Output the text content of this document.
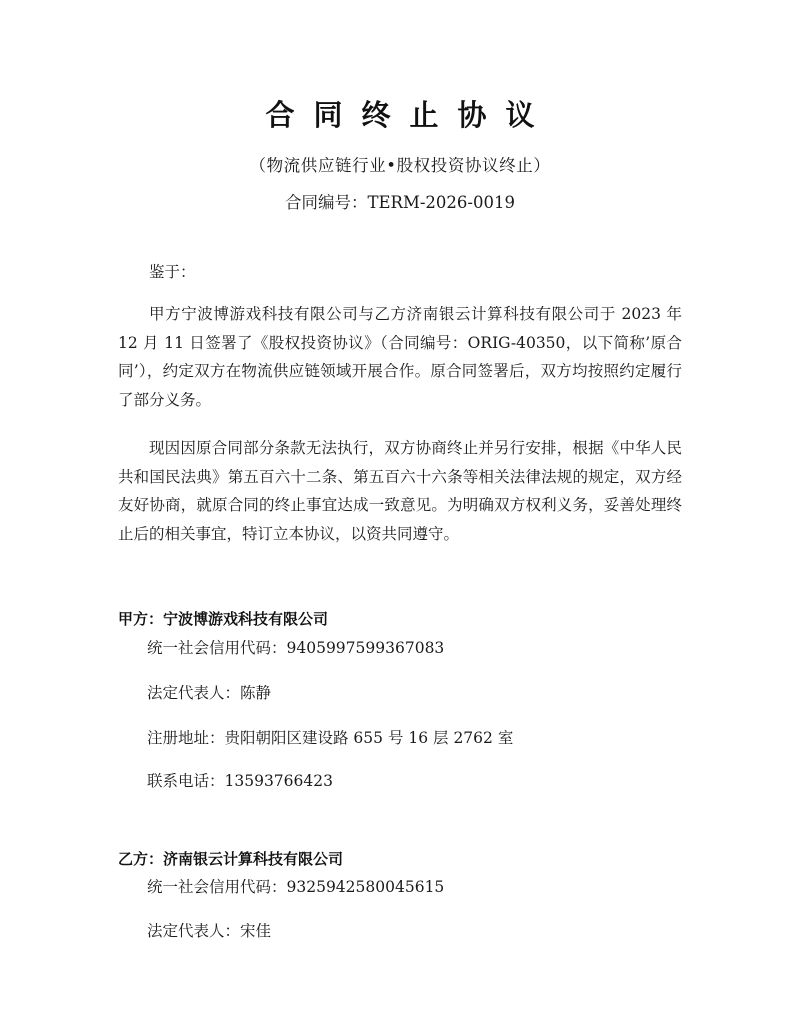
合同终止协议
（物流供应链行业•股权投资协议终止）
合同编号：TERM-2026-0019

鉴于：

甲方宁波博游戏科技有限公司与乙方济南银云计算科技有限公司于 2023 年 12 月 11 日签署了《股权投资协议》（合同编号：ORIG-40350，以下简称’原合同’），约定双方在物流供应链领域开展合作。原合同签署后，双方均按照约定履行了部分义务。

现因因原合同部分条款无法执行，双方协商终止并另行安排，根据《中华人民共和国民法典》第五百六十二条、第五百六十六条等相关法律法规的规定，双方经友好协商，就原合同的终止事宜达成一致意见。为明确双方权利义务，妥善处理终止后的相关事宜，特订立本协议，以资共同遵守。

甲方：宁波博游戏科技有限公司
统一社会信用代码：9405997599367083
法定代表人：陈静
注册地址：贵阳朝阳区建设路 655 号 16 层 2762 室
联系电话：13593766423
乙方：济南银云计算科技有限公司
统一社会信用代码：9325942580045615
法定代表人：宋佳
